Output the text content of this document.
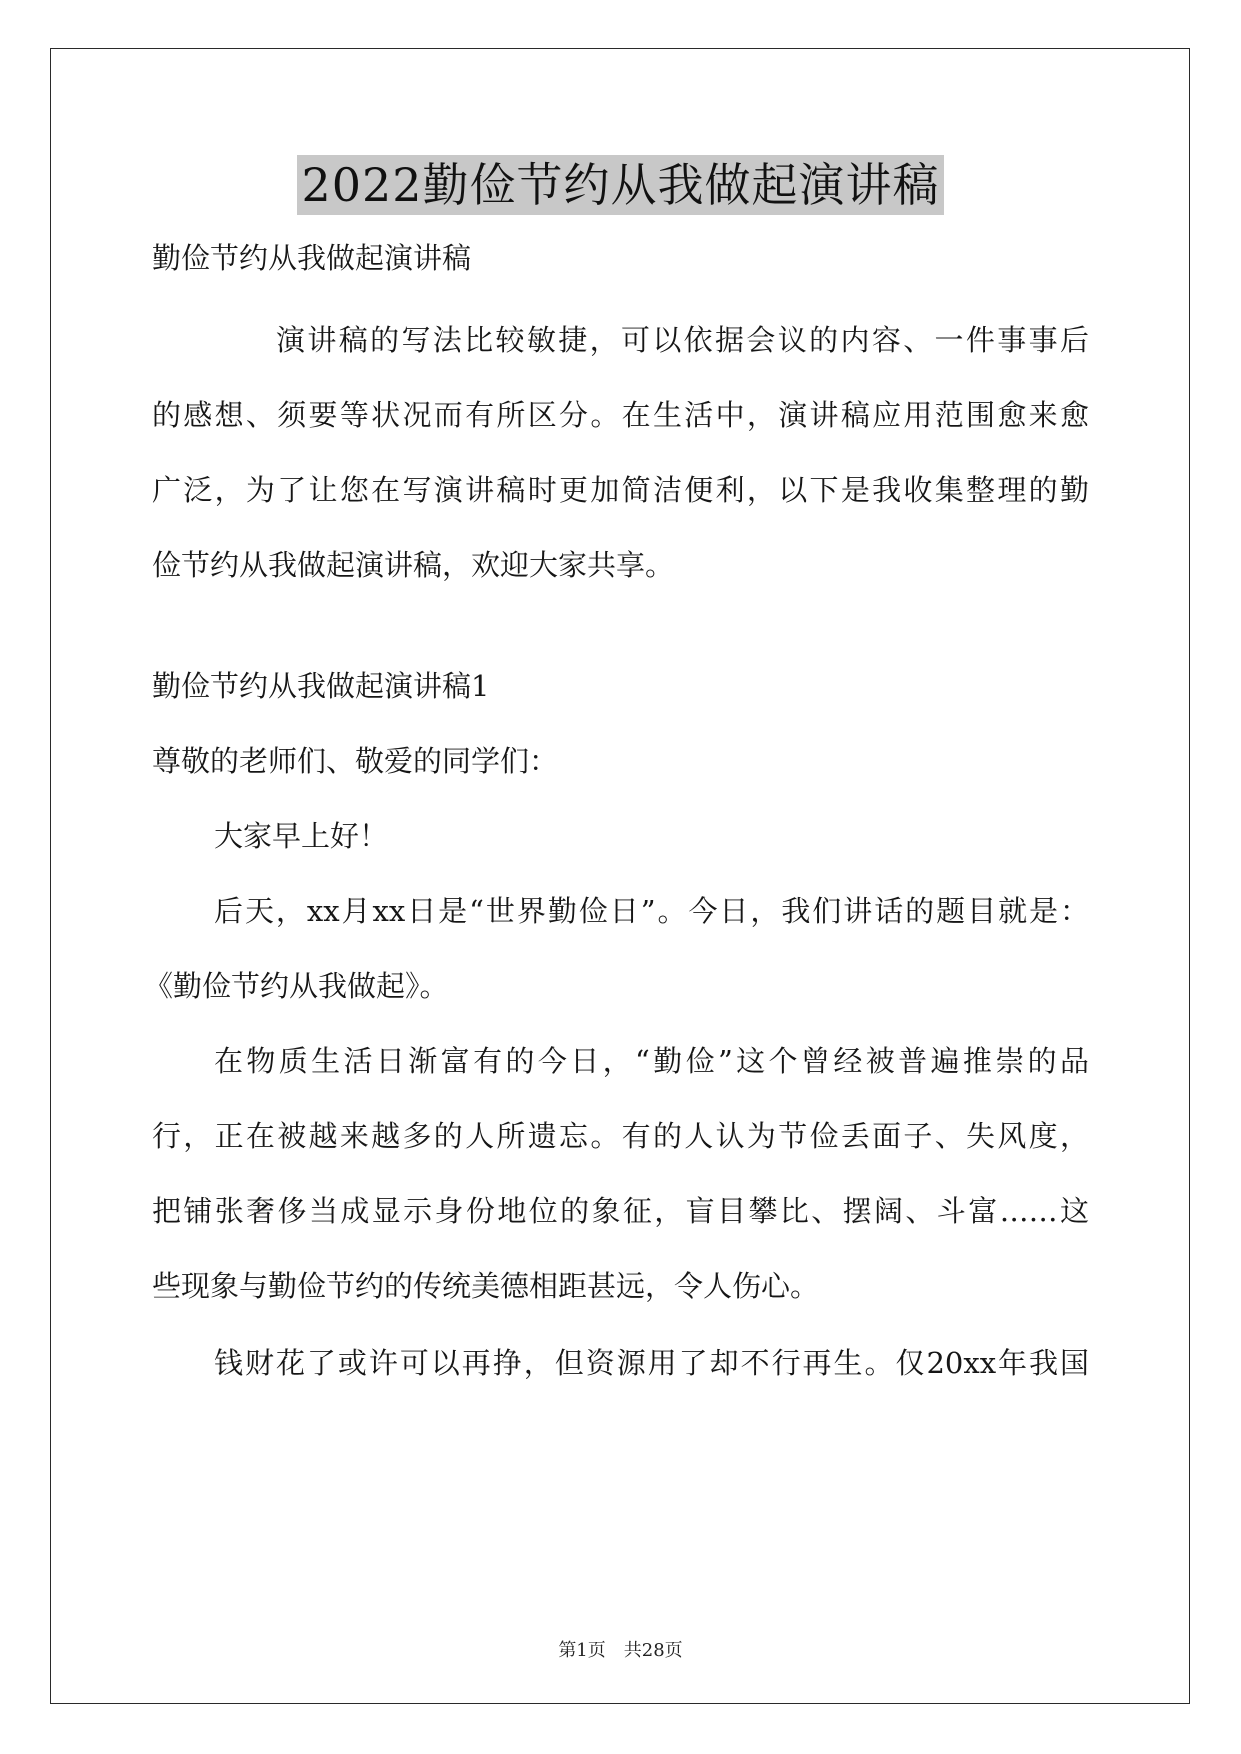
2022勤俭节约从我做起演讲稿
勤俭节约从我做起演讲稿
演讲稿的写法比较敏捷，可以依据会议的内容、一件事事后
的感想、须要等状况而有所区分。在生活中，演讲稿应用范围愈来愈
广泛，为了让您在写演讲稿时更加简洁便利，以下是我收集整理的勤
俭节约从我做起演讲稿，欢迎大家共享。
勤俭节约从我做起演讲稿1
尊敬的老师们、敬爱的同学们：
大家早上好！
后天，xx月xx日是“世界勤俭日”。今日，我们讲话的题目就是：
《勤俭节约从我做起》。
在物质生活日渐富有的今日，“勤俭”这个曾经被普遍推崇的品
行，正在被越来越多的人所遗忘。有的人认为节俭丢面子、失风度，
把铺张奢侈当成显示身份地位的象征，盲目攀比、摆阔、斗富……这
些现象与勤俭节约的传统美德相距甚远，令人伤心。
钱财花了或许可以再挣，但资源用了却不行再生。仅20xx年我国
第1页　共28页
